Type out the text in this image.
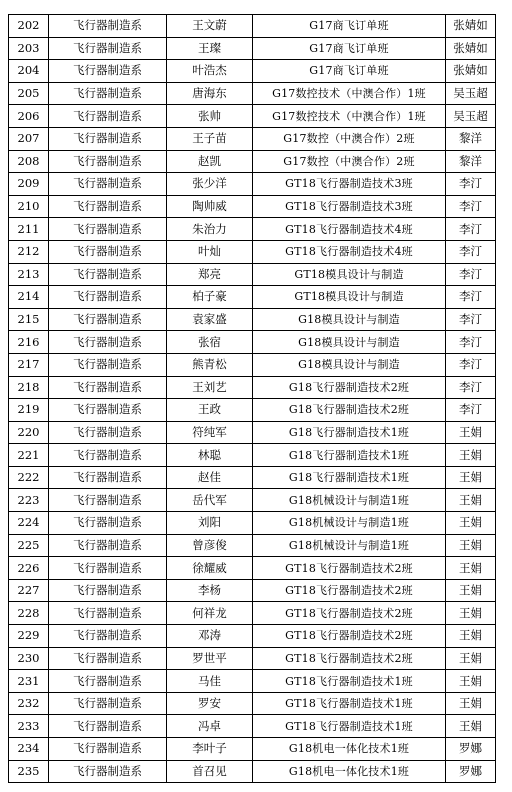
202	飞行器制造系	王文蔚	G17商飞订单班	张婧如
203	飞行器制造系	王璨	G17商飞订单班	张婧如
204	飞行器制造系	叶浩杰	G17商飞订单班	张婧如
205	飞行器制造系	唐海东	G17数控技术（中澳合作）1班	吴玉超
206	飞行器制造系	张帅	G17数控技术（中澳合作）1班	吴玉超
207	飞行器制造系	王子苗	G17数控（中澳合作）2班	黎洋
208	飞行器制造系	赵凯	G17数控（中澳合作）2班	黎洋
209	飞行器制造系	张少洋	GT18飞行器制造技术3班	李汀
210	飞行器制造系	陶帅威	GT18飞行器制造技术3班	李汀
211	飞行器制造系	朱治力	GT18飞行器制造技术4班	李汀
212	飞行器制造系	叶灿	GT18飞行器制造技术4班	李汀
213	飞行器制造系	郑亮	GT18模具设计与制造	李汀
214	飞行器制造系	柏子豪	GT18模具设计与制造	李汀
215	飞行器制造系	袁家盛	G18模具设计与制造	李汀
216	飞行器制造系	张宿	G18模具设计与制造	李汀
217	飞行器制造系	熊青松	G18模具设计与制造	李汀
218	飞行器制造系	王刘艺	G18飞行器制造技术2班	李汀
219	飞行器制造系	王政	G18飞行器制造技术2班	李汀
220	飞行器制造系	符纯军	G18飞行器制造技术1班	王娟
221	飞行器制造系	林聪	G18飞行器制造技术1班	王娟
222	飞行器制造系	赵佳	G18飞行器制造技术1班	王娟
223	飞行器制造系	岳代军	G18机械设计与制造1班	王娟
224	飞行器制造系	刘阳	G18机械设计与制造1班	王娟
225	飞行器制造系	曾彦俊	G18机械设计与制造1班	王娟
226	飞行器制造系	徐耀威	GT18飞行器制造技术2班	王娟
227	飞行器制造系	李杨	GT18飞行器制造技术2班	王娟
228	飞行器制造系	何祥龙	GT18飞行器制造技术2班	王娟
229	飞行器制造系	邓涛	GT18飞行器制造技术2班	王娟
230	飞行器制造系	罗世平	GT18飞行器制造技术2班	王娟
231	飞行器制造系	马佳	GT18飞行器制造技术1班	王娟
232	飞行器制造系	罗安	GT18飞行器制造技术1班	王娟
233	飞行器制造系	冯卓	GT18飞行器制造技术1班	王娟
234	飞行器制造系	李叶子	G18机电一体化技术1班	罗娜
235	飞行器制造系	首召见	G18机电一体化技术1班	罗娜
